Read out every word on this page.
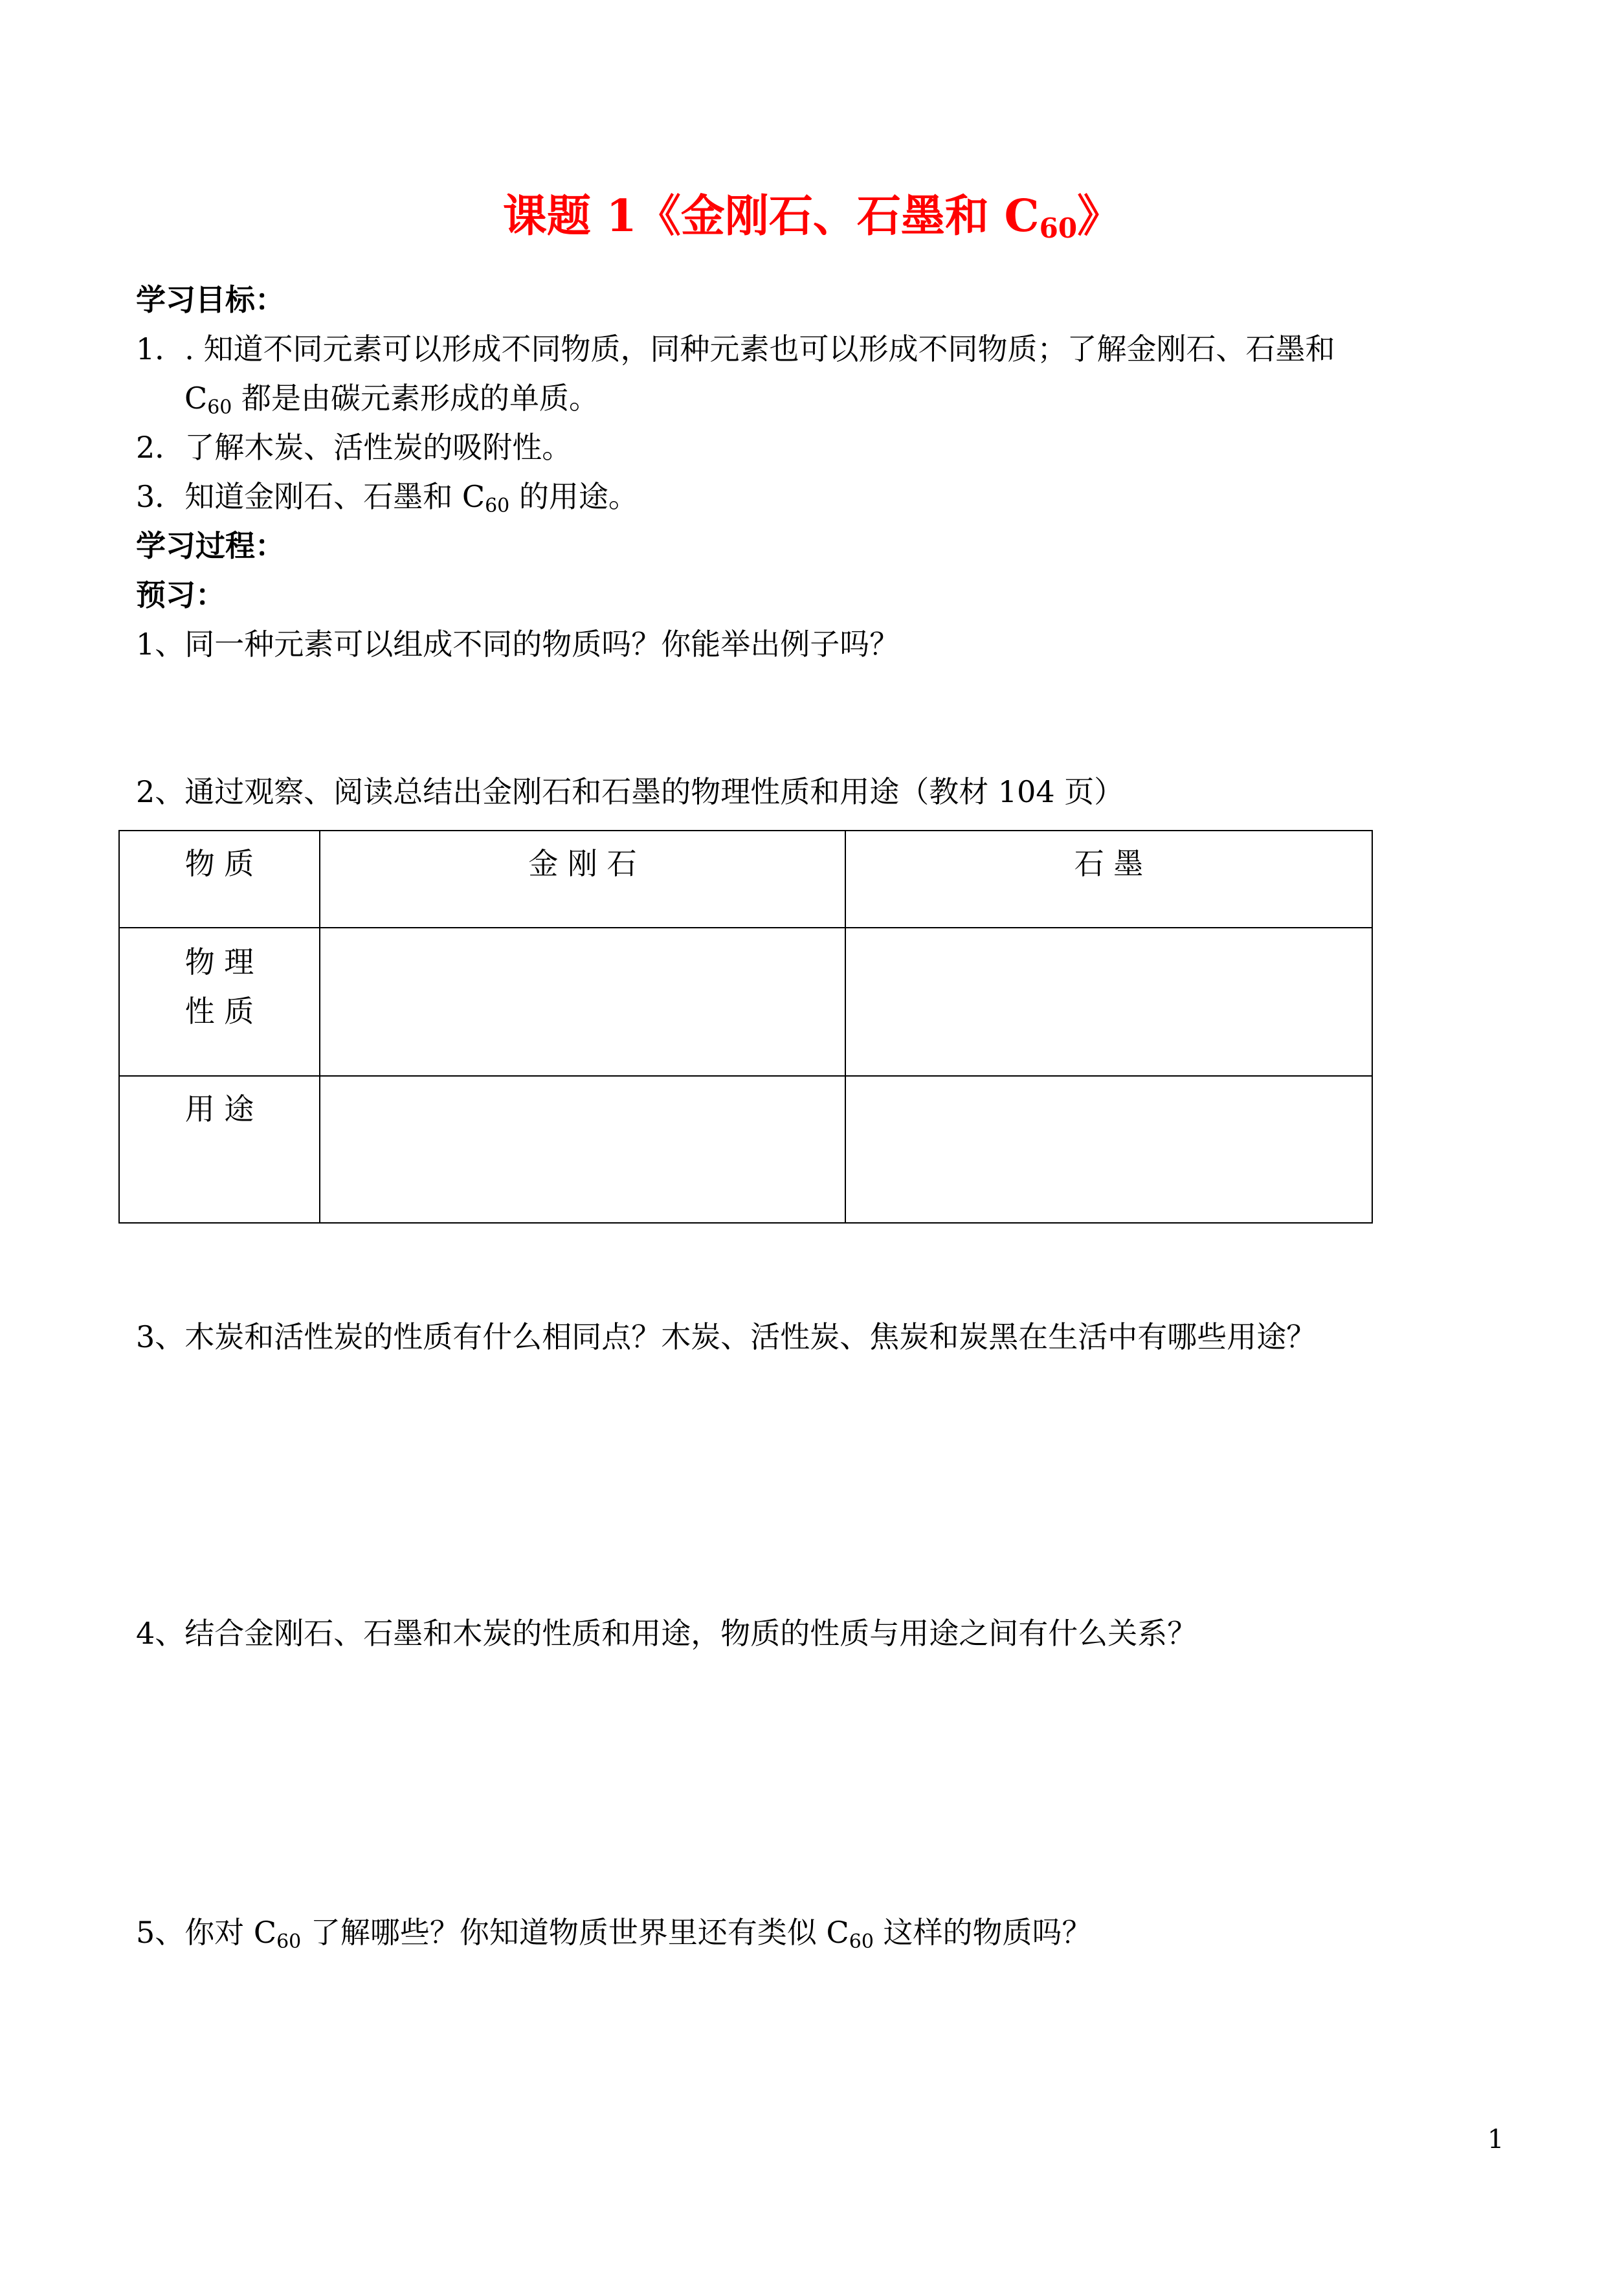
课题 1《金刚石、石墨和 $C_{60}$》
学习目标：
1．. 知道不同元素可以形成不同物质，同种元素也可以形成不同物质；了解金刚石、石墨和
$C_{60}$ 都是由碳元素形成的单质。
2．了解木炭、活性炭的吸附性。
3．知道金刚石、石墨和 $C_{60}$ 的用途。
学习过程：
预习：
1、同一种元素可以组成不同的物质吗？你能举出例子吗？
2、通过观察、阅读总结出金刚石和石墨的物理性质和用途（教材 104 页）
物 质	金 刚 石	石 墨

物 理
性 质		

用 途		
3、木炭和活性炭的性质有什么相同点？木炭、活性炭、焦炭和炭黑在生活中有哪些用途？
4、结合金刚石、石墨和木炭的性质和用途，物质的性质与用途之间有什么关系？
5、你对 $C_{60}$ 了解哪些？你知道物质世界里还有类似 $C_{60}$ 这样的物质吗？
1
